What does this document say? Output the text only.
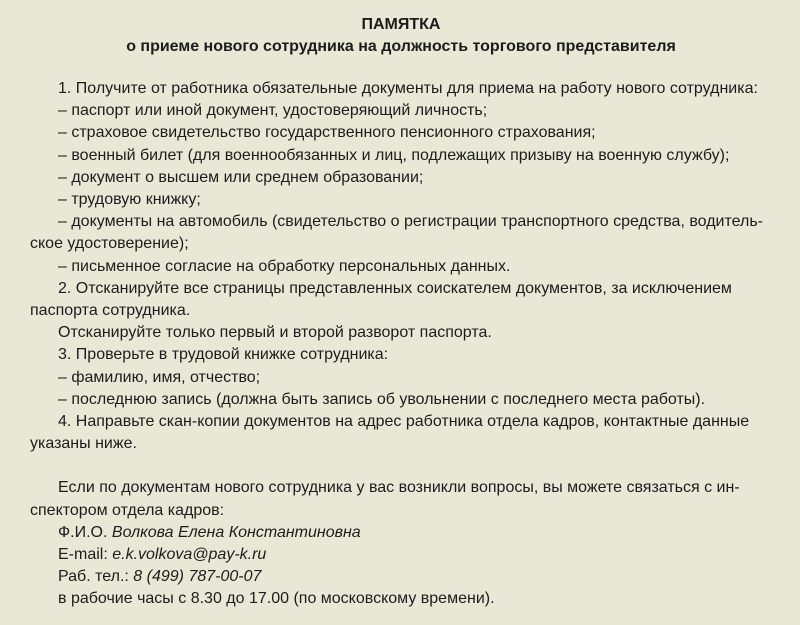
ПАМЯТКА

о приеме нового сотрудника на должность торгового представителя

1. Получите от работника обязательные документы для приема на работу нового сотрудника:

– паспорт или иной документ, удостоверяющий личность;

– страховое свидетельство государственного пенсионного страхования;

– военный билет (для военнообязанных и лиц, подлежащих призыву на военную службу);

– документ о высшем или среднем образовании;

– трудовую книжку;

– документы на автомобиль (свидетельство о регистрации транспортного средства, водитель-

ское удостоверение);

– письменное согласие на обработку персональных данных.

2. Отсканируйте все страницы представленных соискателем документов, за исключением

паспорта сотрудника.

Отсканируйте только первый и второй разворот паспорта.

3. Проверьте в трудовой книжке сотрудника:

– фамилию, имя, отчество;

– последнюю запись (должна быть запись об увольнении с последнего места работы).

4. Направьте скан-копии документов на адрес работника отдела кадров, контактные данные

указаны ниже.

Если по документам нового сотрудника у вас возникли вопросы, вы можете связаться с ин-

спектором отдела кадров:

Ф.И.О. Волкова Елена Константиновна

E-mail: e.k.volkova@pay-k.ru

Раб. тел.: 8 (499) 787-00-07

в рабочие часы с 8.30 до 17.00 (по московскому времени).
